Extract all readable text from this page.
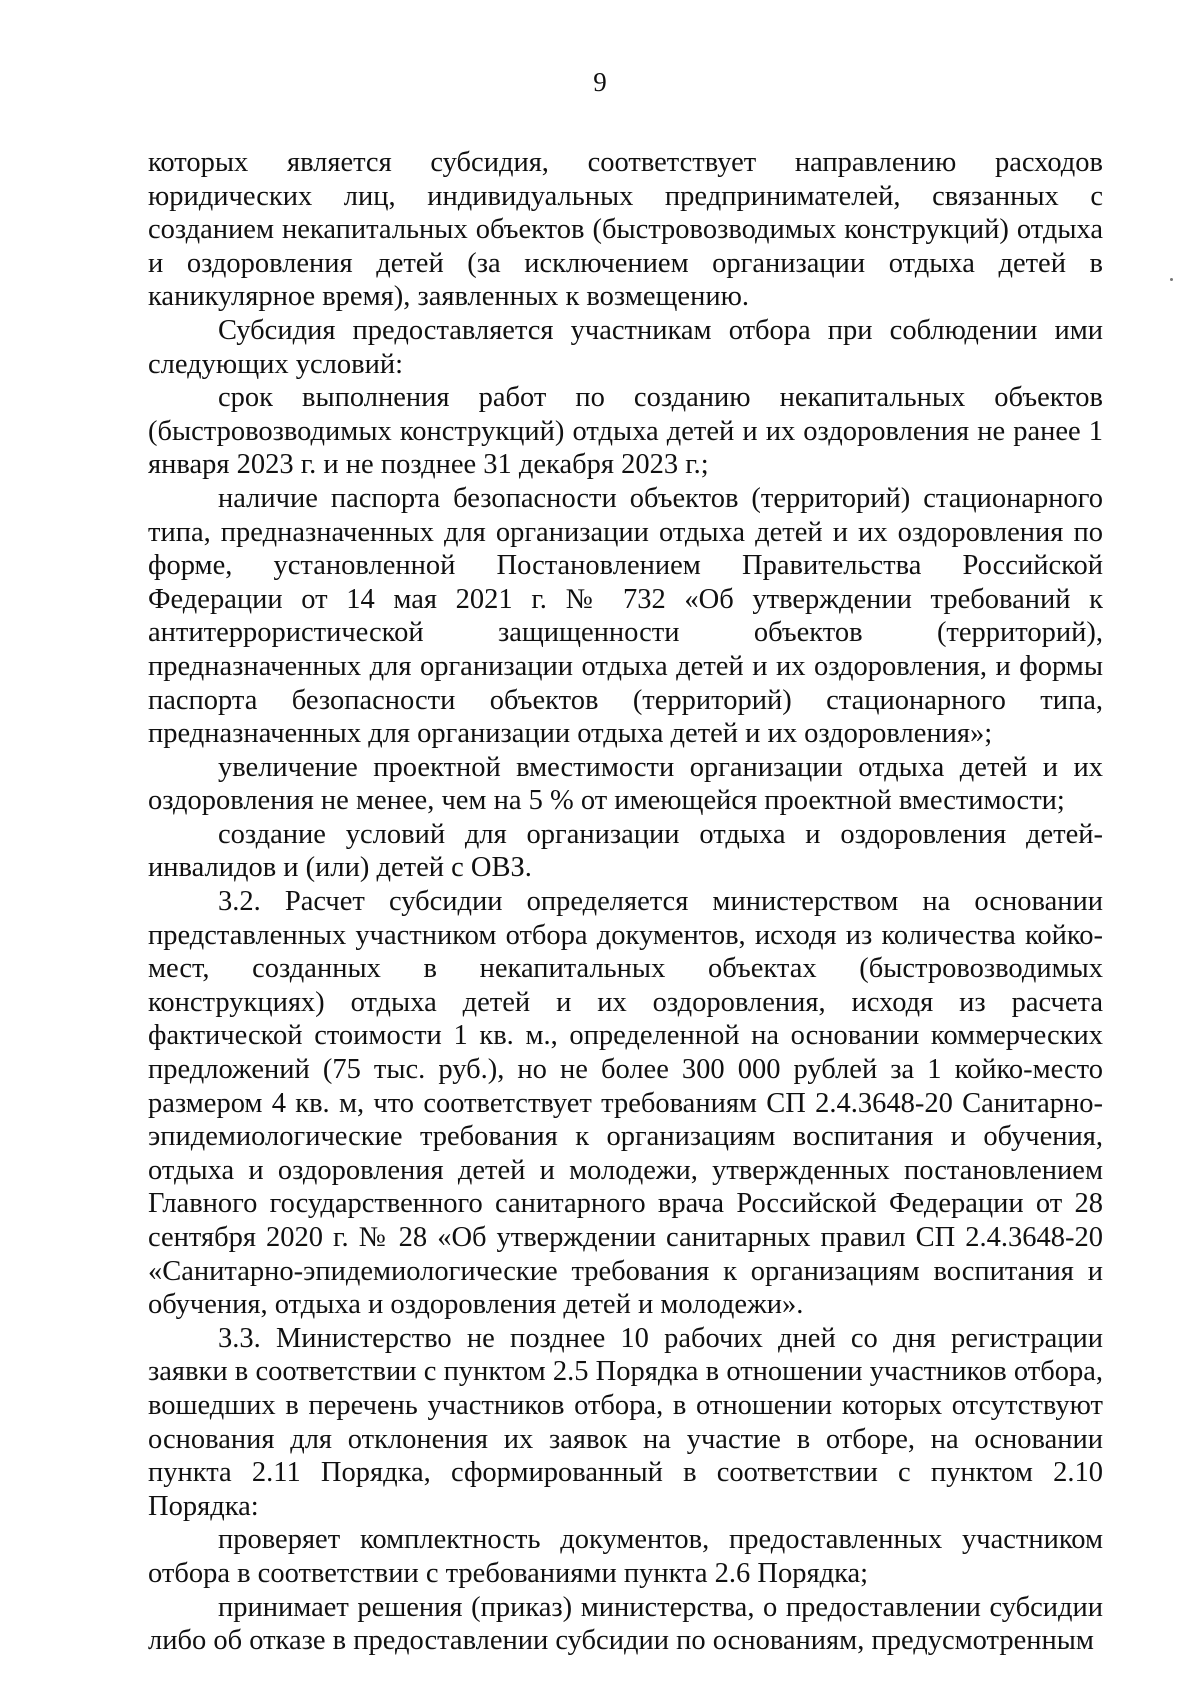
9

которых является субсидия, соответствует направлению расходов юридических лиц, индивидуальных предпринимателей, связанных с созданием некапитальных объектов (быстровозводимых конструкций) отдыха и оздоровления детей (за исключением организации отдыха детей в каникулярное время), заявленных к возмещению.

Субсидия предоставляется участникам отбора при соблюдении ими следующих условий:

срок выполнения работ по созданию некапитальных объектов (быстровозводимых конструкций) отдыха детей и их оздоровления не ранее 1 января 2023 г. и не позднее 31 декабря 2023 г.;

наличие паспорта безопасности объектов (территорий) стационарного типа, предназначенных для организации отдыха детей и их оздоровления по форме, установленной Постановлением Правительства Российской Федерации от 14 мая 2021 г. № 732 «Об утверждении требований к антитеррористической защищенности объектов (территорий), предназначенных для организации отдыха детей и их оздоровления, и формы паспорта безопасности объектов (территорий) стационарного типа, предназначенных для организации отдыха детей и их оздоровления»;

увеличение проектной вместимости организации отдыха детей и их оздоровления не менее, чем на 5 % от имеющейся проектной вместимости;

создание условий для организации отдыха и оздоровления детей-инвалидов и (или) детей с ОВЗ.

3.2. Расчет субсидии определяется министерством на основании представленных участником отбора документов, исходя из количества койко-мест, созданных в некапитальных объектах (быстровозводимых конструкциях) отдыха детей и их оздоровления, исходя из расчета фактической стоимости 1 кв. м., определенной на основании коммерческих предложений (75 тыс. руб.), но не более 300 000 рублей за 1 койко-место размером 4 кв. м, что соответствует требованиям СП 2.4.3648-20 Санитарно-эпидемиологические требования к организациям воспитания и обучения, отдыха и оздоровления детей и молодежи, утвержденных постановлением Главного государственного санитарного врача Российской Федерации от 28 сентября 2020 г. № 28 «Об утверждении санитарных правил СП 2.4.3648-20 «Санитарно-эпидемиологические требования к организациям воспитания и обучения, отдыха и оздоровления детей и молодежи».

3.3. Министерство не позднее 10 рабочих дней со дня регистрации заявки в соответствии с пунктом 2.5 Порядка в отношении участников отбора, вошедших в перечень участников отбора, в отношении которых отсутствуют основания для отклонения их заявок на участие в отборе, на основании пункта 2.11 Порядка, сформированный в соответствии с пунктом 2.10 Порядка:

проверяет комплектность документов, предоставленных участником отбора в соответствии с требованиями пункта 2.6 Порядка;

принимает решения (приказ) министерства, о предоставлении субсидии либо об отказе в предоставлении субсидии по основаниям, предусмотренным
